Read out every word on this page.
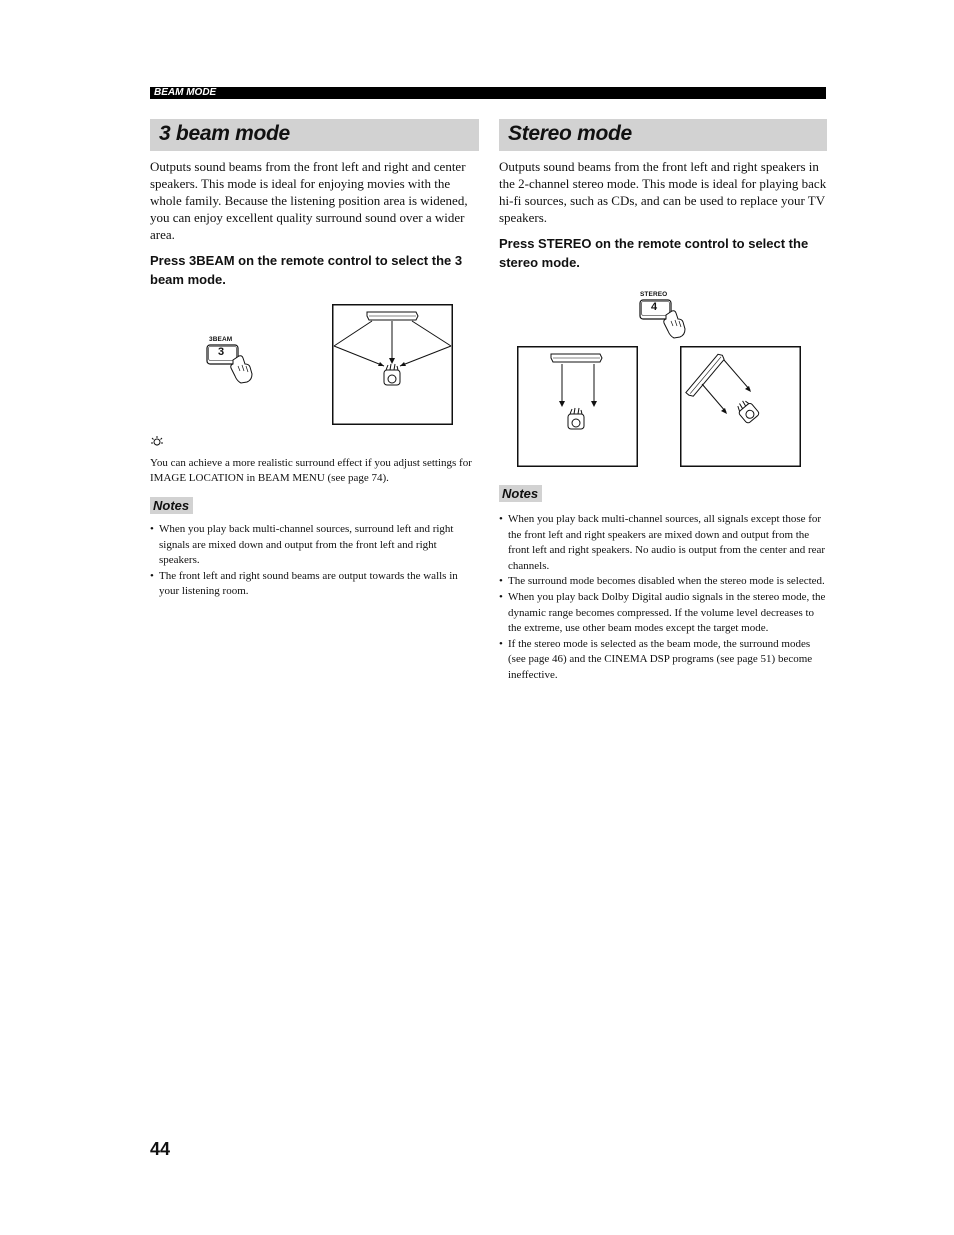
BEAM MODE
3 beam mode

Outputs sound beams from the front left and right and center speakers. This mode is ideal for enjoying movies with the whole family. Because the listening position area is widened, you can enjoy excellent quality surround sound over a wider area.

Press 3BEAM on the remote control to select the 3 beam mode.

3BEAM
3

You can achieve a more realistic surround effect if you adjust settings for IMAGE LOCATION in BEAM MENU (see page 74).

Notes
• When you play back multi-channel sources, surround left and right signals are mixed down and output from the front left and right speakers.
• The front left and right sound beams are output towards the walls in your listening room.
Stereo mode

Outputs sound beams from the front left and right speakers in the 2-channel stereo mode. This mode is ideal for playing back hi-fi sources, such as CDs, and can be used to replace your TV speakers.

Press STEREO on the remote control to select the stereo mode.

STEREO
4
Notes
• When you play back multi-channel sources, all signals except those for the front left and right speakers are mixed down and output from the front left and right speakers. No audio is output from the center and rear channels.
• The surround mode becomes disabled when the stereo mode is selected.
• When you play back Dolby Digital audio signals in the stereo mode, the dynamic range becomes compressed. If the volume level decreases to the extreme, use other beam modes except the target mode.
• If the stereo mode is selected as the beam mode, the surround modes (see page 46) and the CINEMA DSP programs (see page 51) become ineffective.
44
